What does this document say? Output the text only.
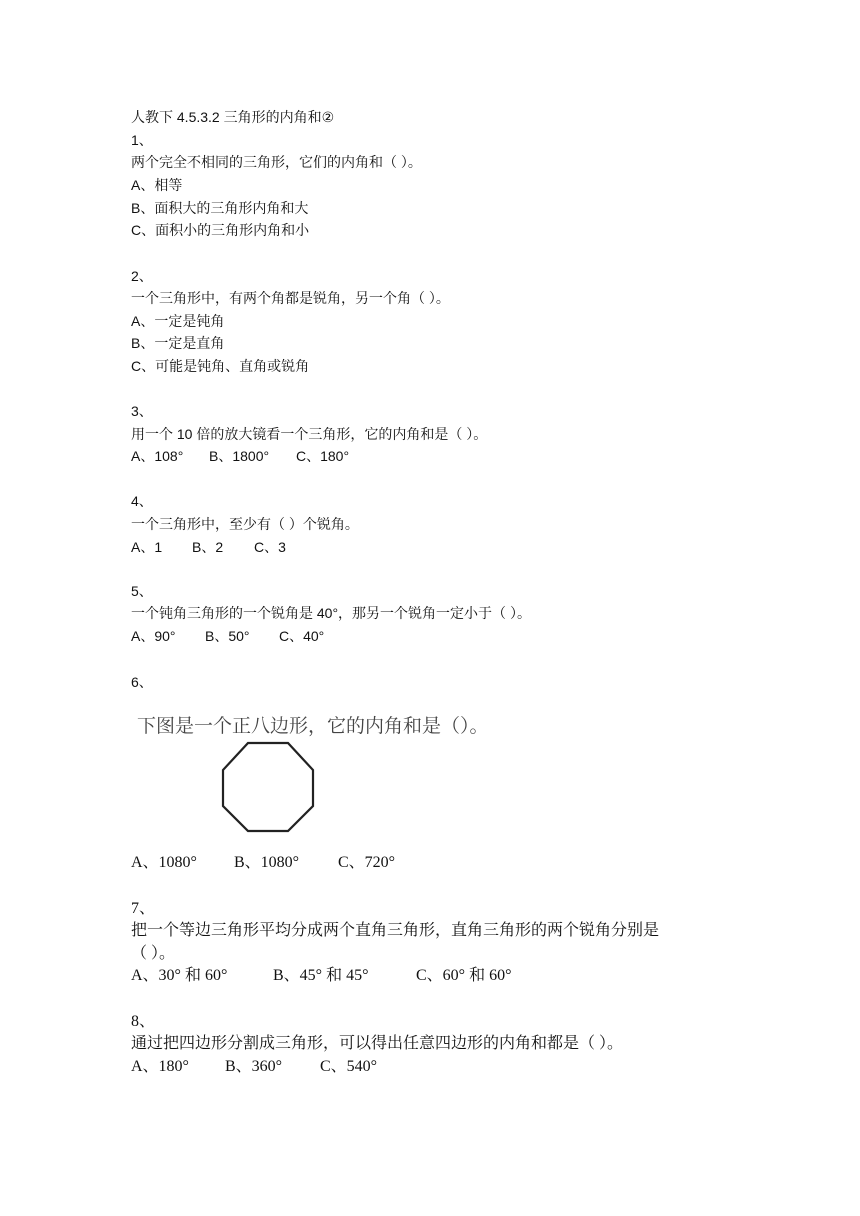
人教下 4.5.3.2 三角形的内角和②
1、
两个完全不相同的三角形，它们的内角和（ ）。
A、相等
B、面积大的三角形内角和大
C、面积小的三角形内角和小
2、
一个三角形中，有两个角都是锐角，另一个角（ ）。
A、一定是钝角
B、一定是直角
C、可能是钝角、直角或锐角
3、
用一个 10 倍的放大镜看一个三角形，它的内角和是（ ）。
A、108° B、1800° C、180°
4、
一个三角形中，至少有（ ）个锐角。
A、1 B、2 C、3
5、
一个钝角三角形的一个锐角是 40°，那另一个锐角一定小于（ ）。
A、90° B、50° C、40°
6、
下图是一个正八边形，它的内角和是（）。
A、1080° B、1080° C、720°
7、
把一个等边三角形平均分成两个直角三角形，直角三角形的两个锐角分别是
（ ）。
A、30° 和 60°	B、45° 和 45°	C、60° 和 60°
8、
通过把四边形分割成三角形，可以得出任意四边形的内角和都是（ ）。
A、180° B、360° C、540°
